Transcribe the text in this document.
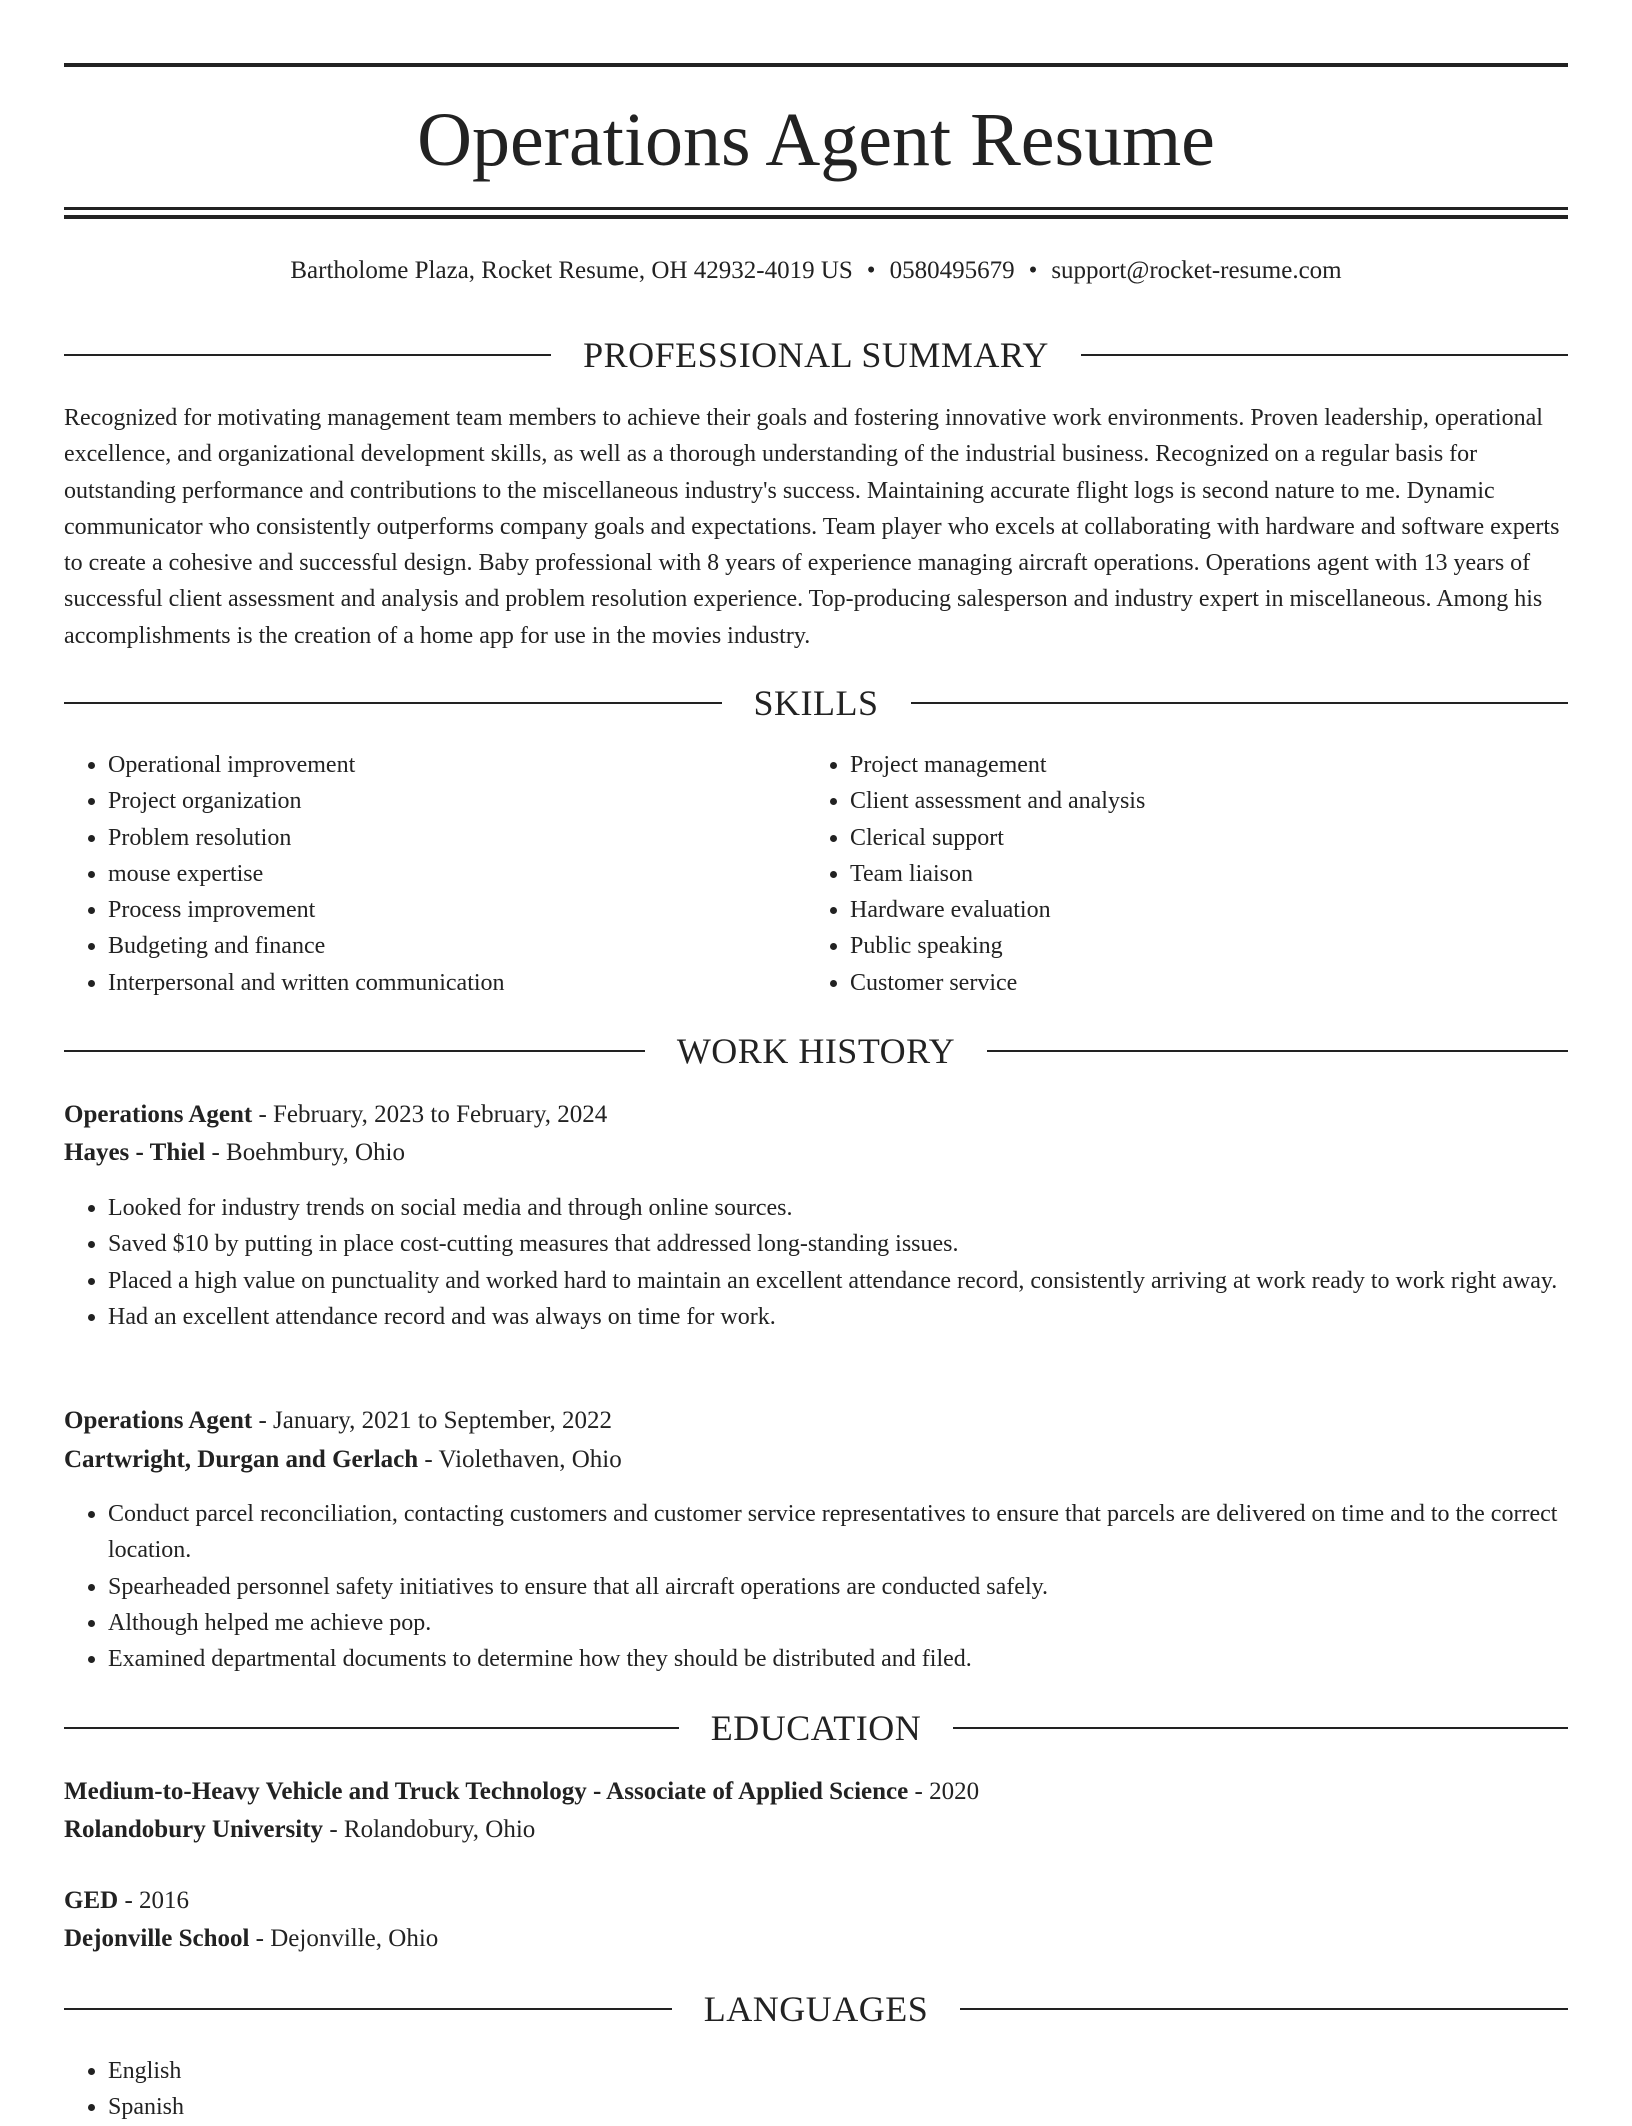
Operations Agent Resume
Bartholome Plaza, Rocket Resume, OH 42932-4019 US • 0580495679 • support@rocket-resume.com
PROFESSIONAL SUMMARY

Recognized for motivating management team members to achieve their goals and fostering innovative work environments. Proven leadership, operational excellence, and organizational development skills, as well as a thorough understanding of the industrial business. Recognized on a regular basis for outstanding performance and contributions to the miscellaneous industry's success. Maintaining accurate flight logs is second nature to me. Dynamic communicator who consistently outperforms company goals and expectations. Team player who excels at collaborating with hardware and software experts to create a cohesive and successful design. Baby professional with 8 years of experience managing aircraft operations. Operations agent with 13 years of successful client assessment and analysis and problem resolution experience. Top-producing salesperson and industry expert in miscellaneous. Among his accomplishments is the creation of a home app for use in the movies industry.

SKILLS
• Operational improvement
• Project organization
• Problem resolution
• mouse expertise
• Process improvement
• Budgeting and finance
• Interpersonal and written communication
• Project management
• Client assessment and analysis
• Clerical support
• Team liaison
• Hardware evaluation
• Public speaking
• Customer service
WORK HISTORY
Operations Agent - February, 2023 to February, 2024
Hayes - Thiel - Boehmbury, Ohio
• Looked for industry trends on social media and through online sources.
• Saved $10 by putting in place cost-cutting measures that addressed long-standing issues.
• Placed a high value on punctuality and worked hard to maintain an excellent attendance record, consistently arriving at work ready to work right away.
• Had an excellent attendance record and was always on time for work.
Operations Agent - January, 2021 to September, 2022
Cartwright, Durgan and Gerlach - Violethaven, Ohio
• Conduct parcel reconciliation, contacting customers and customer service representatives to ensure that parcels are delivered on time and to the correct location.
• Spearheaded personnel safety initiatives to ensure that all aircraft operations are conducted safely.
• Although helped me achieve pop.
• Examined departmental documents to determine how they should be distributed and filed.
EDUCATION
Medium-to-Heavy Vehicle and Truck Technology - Associate of Applied Science - 2020
Rolandobury University - Rolandobury, Ohio
GED - 2016
Dejonville School - Dejonville, Ohio
LANGUAGES
• English
• Spanish
